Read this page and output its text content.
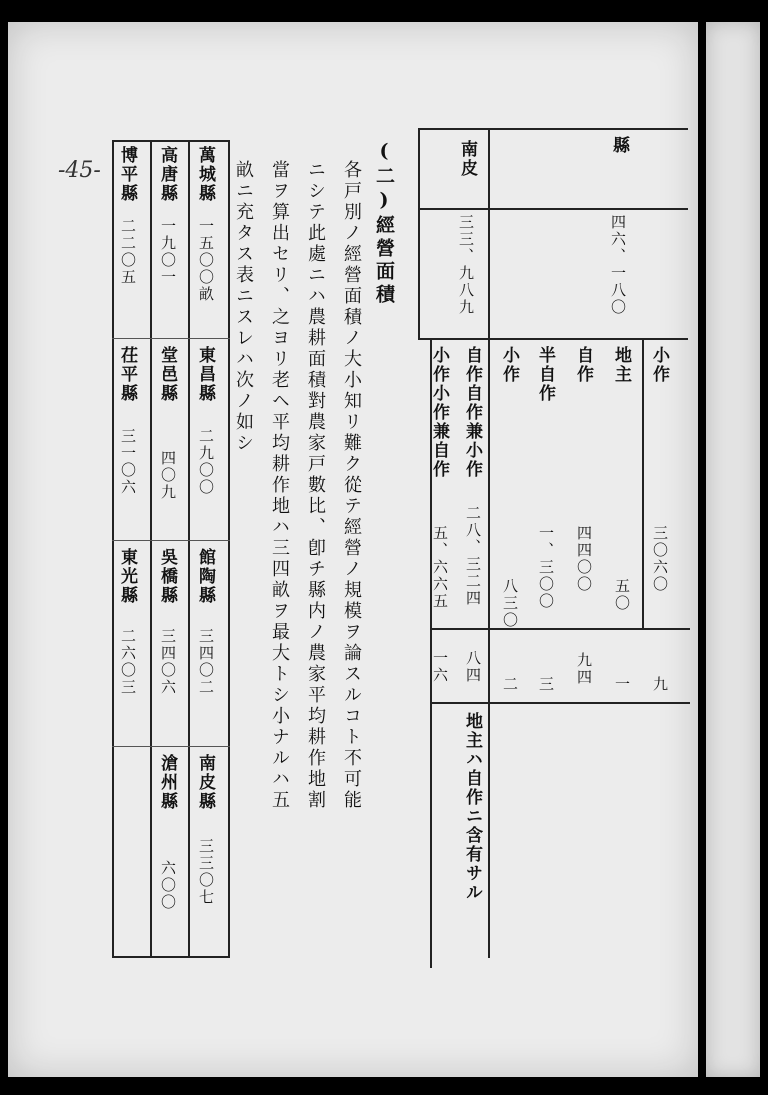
-45-
縣
南皮
三三、九八九	四六、一八〇
小作
地主
自作
半自作
小作
自作自作兼小作
小作小作兼自作
三〇六〇
五〇
四四〇〇
一、三〇〇
八三〇
二八、三二四
五、六六五
九
一
九四
三
二
八四
一六
地主ハ自作ニ含有サル
(二)經營面積
各戸別ノ經營面積ノ大小知リ難ク從テ經營ノ規模ヲ論スルコト不可能
ニシテ此處ニハ農耕面積對農家戸數比、卽チ縣内ノ農家平均耕作地割
當ヲ算出セリ、之ヨリ老ヘ平均耕作地ハ三四畝ヲ最大トシ小ナルハ五
畝ニ充タス表ニスレハ次ノ如シ
萬城縣
一五〇〇畝
東昌縣
二九〇〇
館陶縣
三四〇二
南皮縣
三三〇七
高唐縣
一九〇一
堂邑縣
四〇九
吳橋縣
三四〇六
滄州縣
六〇〇
博平縣
二二〇五
茌平縣
三一〇六
東光縣
二六〇三
